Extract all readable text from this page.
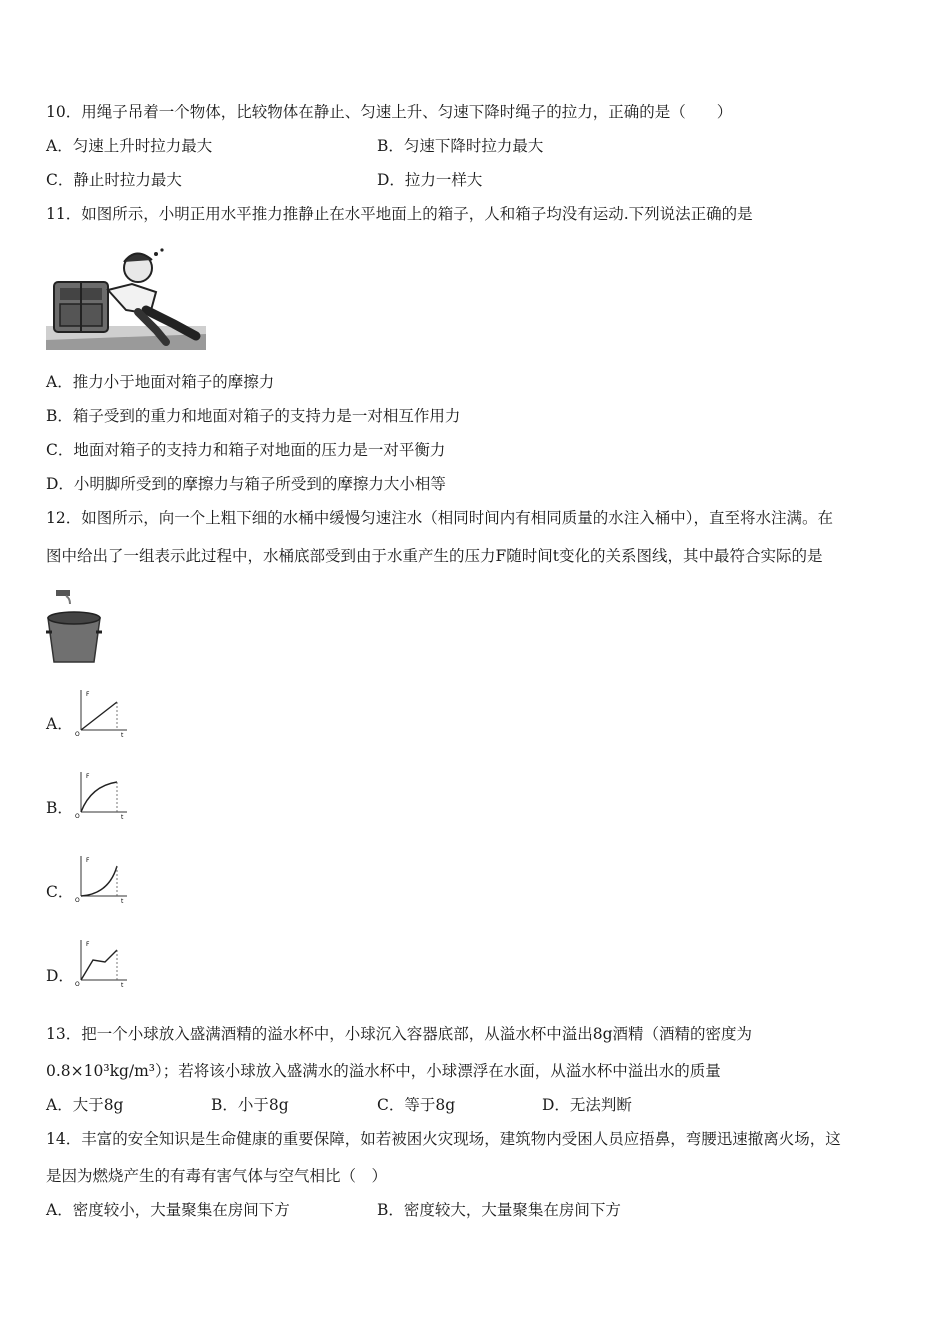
10．用绳子吊着一个物体，比较物体在静止、匀速上升、匀速下降时绳子的拉力，正确的是（　　）
A．匀速上升时拉力最大	B．匀速下降时拉力最大
C．静止时拉力最大	D．拉力一样大
11．如图所示，小明正用水平推力推静止在水平地面上的箱子，人和箱子均没有运动.下列说法正确的是
A．推力小于地面对箱子的摩擦力
B．箱子受到的重力和地面对箱子的支持力是一对相互作用力
C．地面对箱子的支持力和箱子对地面的压力是一对平衡力
D．小明脚所受到的摩擦力与箱子所受到的摩擦力大小相等
12．如图所示，向一个上粗下细的水桶中缓慢匀速注水（相同时间内有相同质量的水注入桶中），直至将水注满。在
图中给出了一组表示此过程中，水桶底部受到由于水重产生的压力F随时间t变化的关系图线，其中最符合实际的是
A．
F
t
O
B．
F
t
O
C．
F
t
O
D．
F
t
O
13．把一个小球放入盛满酒精的溢水杯中，小球沉入容器底部，从溢水杯中溢出8g酒精（酒精的密度为
0.8×10³kg/m³）；若将该小球放入盛满水的溢水杯中，小球漂浮在水面，从溢水杯中溢出水的质量
A．大于8g	B．小于8g	C．等于8g	D．无法判断
14．丰富的安全知识是生命健康的重要保障，如若被困火灾现场，建筑物内受困人员应捂鼻，弯腰迅速撤离火场，这
是因为燃烧产生的有毒有害气体与空气相比（　）
A．密度较小，大量聚集在房间下方	B．密度较大，大量聚集在房间下方
